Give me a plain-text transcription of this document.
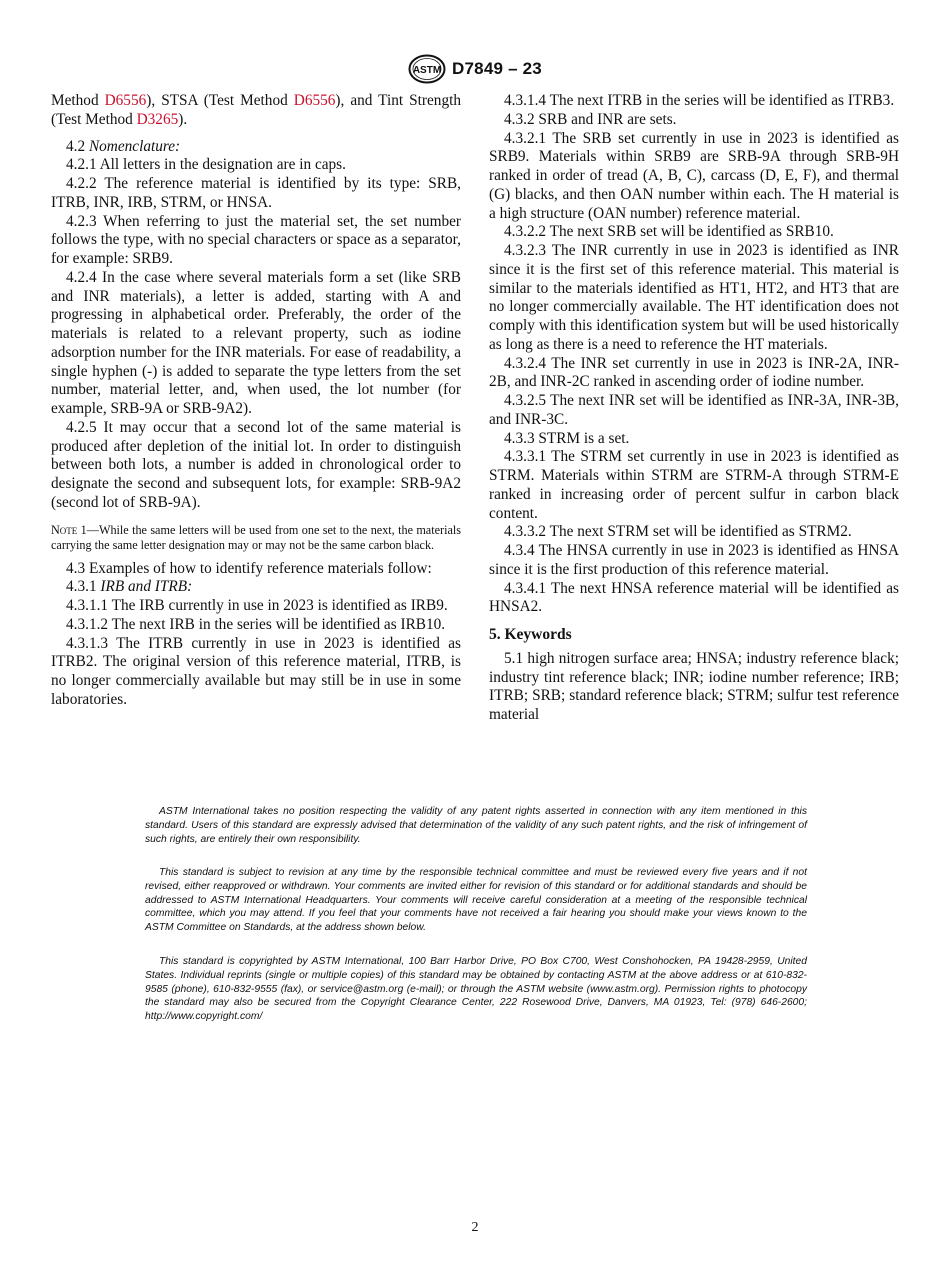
ASTM D7849 – 23

Method D6556), STSA (Test Method D6556), and Tint Strength (Test Method D3265).

4.2 Nomenclature:

4.2.1 All letters in the designation are in caps.

4.2.2 The reference material is identified by its type: SRB, ITRB, INR, IRB, STRM, or HNSA.

4.2.3 When referring to just the material set, the set number follows the type, with no special characters or space as a separator, for example: SRB9.

4.2.4 In the case where several materials form a set (like SRB and INR materials), a letter is added, starting with A and progressing in alphabetical order. Preferably, the order of the materials is related to a relevant property, such as iodine adsorption number for the INR materials. For ease of readability, a single hyphen (-) is added to separate the type letters from the set number, material letter, and, when used, the lot number (for example, SRB-9A or SRB-9A2).

4.2.5 It may occur that a second lot of the same material is produced after depletion of the initial lot. In order to distinguish between both lots, a number is added in chronological order to designate the second and subsequent lots, for example: SRB-9A2 (second lot of SRB-9A).

Note 1—While the same letters will be used from one set to the next, the materials carrying the same letter designation may or may not be the same carbon black.

4.3 Examples of how to identify reference materials follow:

4.3.1 IRB and ITRB:

4.3.1.1 The IRB currently in use in 2023 is identified as IRB9.

4.3.1.2 The next IRB in the series will be identified as IRB10.

4.3.1.3 The ITRB currently in use in 2023 is identified as ITRB2. The original version of this reference material, ITRB, is no longer commercially available but may still be in use in some laboratories.

4.3.1.4 The next ITRB in the series will be identified as ITRB3.

4.3.2 SRB and INR are sets.

4.3.2.1 The SRB set currently in use in 2023 is identified as SRB9. Materials within SRB9 are SRB-9A through SRB-9H ranked in order of tread (A, B, C), carcass (D, E, F), and thermal (G) blacks, and then OAN number within each. The H material is a high structure (OAN number) reference material.

4.3.2.2 The next SRB set will be identified as SRB10.

4.3.2.3 The INR currently in use in 2023 is identified as INR since it is the first set of this reference material. This material is similar to the materials identified as HT1, HT2, and HT3 that are no longer commercially available. The HT identification does not comply with this identification system but will be used historically as long as there is a need to reference the HT materials.

4.3.2.4 The INR set currently in use in 2023 is INR-2A, INR-2B, and INR-2C ranked in ascending order of iodine number.

4.3.2.5 The next INR set will be identified as INR-3A, INR-3B, and INR-3C.

4.3.3 STRM is a set.

4.3.3.1 The STRM set currently in use in 2023 is identified as STRM. Materials within STRM are STRM-A through STRM-E ranked in increasing order of percent sulfur in carbon black content.

4.3.3.2 The next STRM set will be identified as STRM2.

4.3.4 The HNSA currently in use in 2023 is identified as HNSA since it is the first production of this reference material.

4.3.4.1 The next HNSA reference material will be identified as HNSA2.

5. Keywords

5.1 high nitrogen surface area; HNSA; industry reference black; industry tint reference black; INR; iodine number reference; IRB; ITRB; SRB; standard reference black; STRM; sulfur test reference material

ASTM International takes no position respecting the validity of any patent rights asserted in connection with any item mentioned in this standard. Users of this standard are expressly advised that determination of the validity of any such patent rights, and the risk of infringement of such rights, are entirely their own responsibility.

This standard is subject to revision at any time by the responsible technical committee and must be reviewed every five years and if not revised, either reapproved or withdrawn. Your comments are invited either for revision of this standard or for additional standards and should be addressed to ASTM International Headquarters. Your comments will receive careful consideration at a meeting of the responsible technical committee, which you may attend. If you feel that your comments have not received a fair hearing you should make your views known to the ASTM Committee on Standards, at the address shown below.

This standard is copyrighted by ASTM International, 100 Barr Harbor Drive, PO Box C700, West Conshohocken, PA 19428-2959, United States. Individual reprints (single or multiple copies) of this standard may be obtained by contacting ASTM at the above address or at 610-832-9585 (phone), 610-832-9555 (fax), or service@astm.org (e-mail); or through the ASTM website (www.astm.org). Permission rights to photocopy the standard may also be secured from the Copyright Clearance Center, 222 Rosewood Drive, Danvers, MA 01923, Tel: (978) 646-2600; http://www.copyright.com/

2
